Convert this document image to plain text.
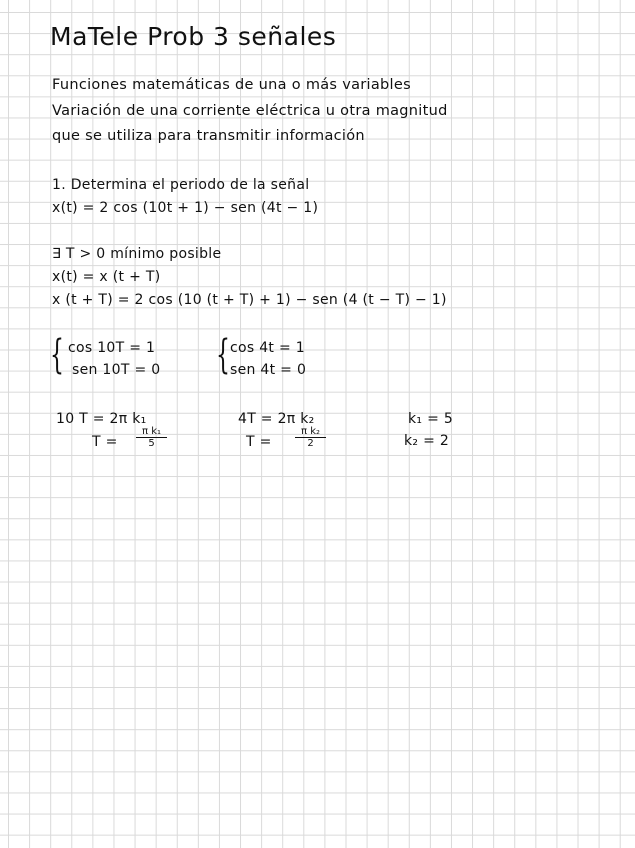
MaTele Prob 3 señales
Funciones matemáticas de una o más variables
Variación de una corriente eléctrica u otra magnitud
que se utiliza para transmitir información
1. Determina el periodo de la señal
x(t) = 2 cos (10t + 1) − sen (4t − 1)
∃ T > 0 mínimo posible
x(t) = x (t + T)
x (t + T) = 2 cos (10 (t + T) + 1) − sen (4 (t − T) − 1)
{ cos 10T = 1
sen 10T = 0 { cos 4t = 1
sen 4t = 0
10 T = 2π k₁
$T = \frac{\text{π k₁}}{5}$
4T = 2π k₂
T =	$\frac{\text{π k₂}}{2}$
k₁ = 5
k₂ = 2
